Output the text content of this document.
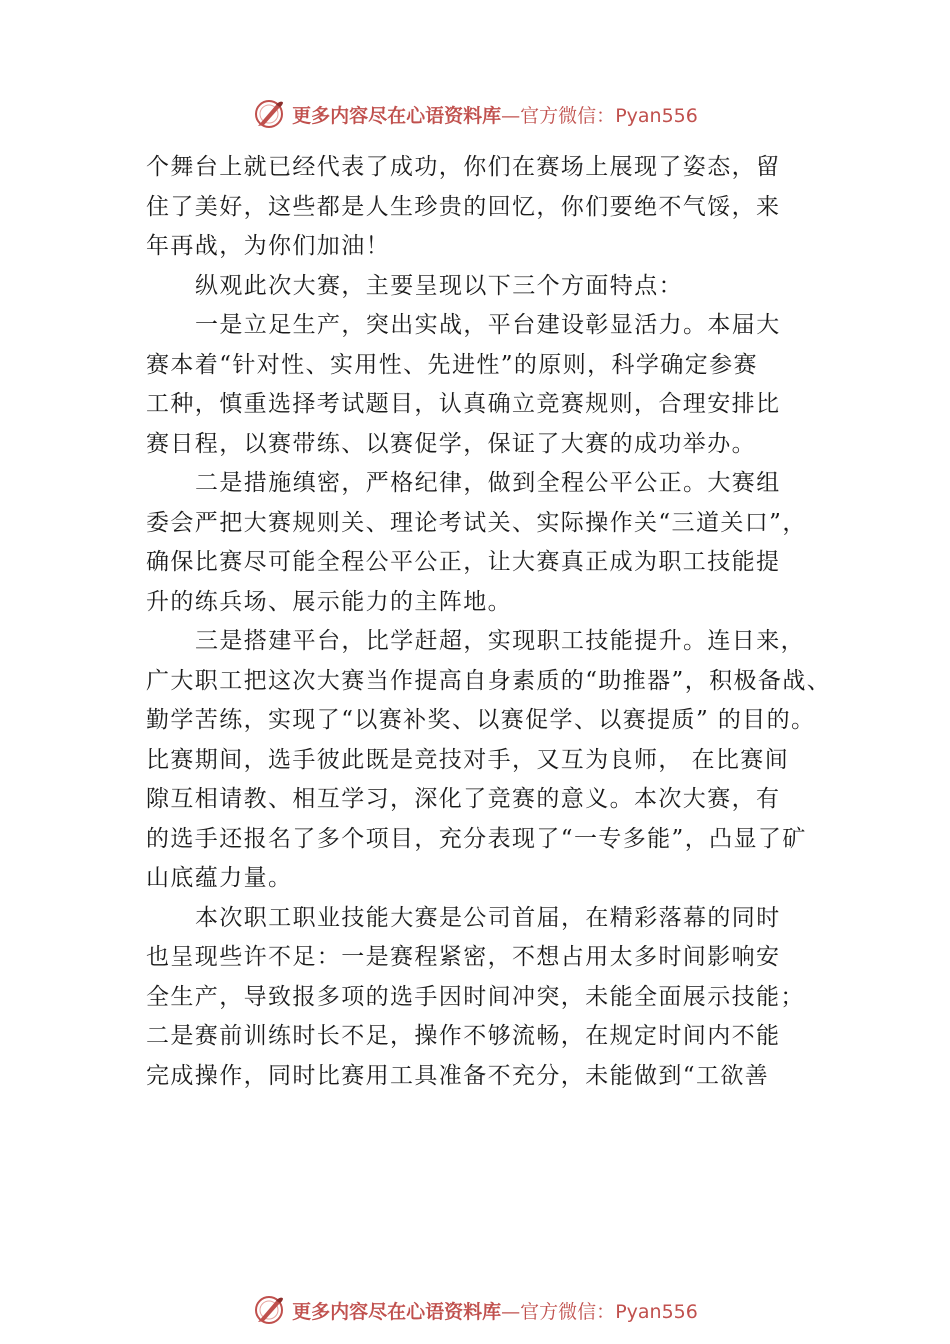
更多内容尽在心语资料库—官方微信：Pyan556
个舞台上就已经代表了成功，你们在赛场上展现了姿态，留
住了美好，这些都是人生珍贵的回忆，你们要绝不气馁，来
年再战，为你们加油！
纵观此次大赛，主要呈现以下三个方面特点：
一是立足生产，突出实战，平台建设彰显活力。本届大
赛本着“针对性、实用性、先进性”的原则，科学确定参赛
工种，慎重选择考试题目，认真确立竞赛规则，合理安排比
赛日程，以赛带练、以赛促学，保证了大赛的成功举办。
二是措施缜密，严格纪律，做到全程公平公正。大赛组
委会严把大赛规则关、理论考试关、实际操作关“三道关口”，
确保比赛尽可能全程公平公正，让大赛真正成为职工技能提
升的练兵场、展示能力的主阵地。
三是搭建平台，比学赶超，实现职工技能提升。连日来，
广大职工把这次大赛当作提高自身素质的“助推器”，积极备战、
勤学苦练，实现了“以赛补奖、以赛促学、以赛提质” 的目的。
比赛期间，选手彼此既是竞技对手，又互为良师， 在比赛间
隙互相请教、相互学习，深化了竞赛的意义。本次大赛，有
的选手还报名了多个项目，充分表现了“一专多能”，凸显了矿
山底蕴力量。
本次职工职业技能大赛是公司首届，在精彩落幕的同时
也呈现些许不足：一是赛程紧密，不想占用太多时间影响安
全生产，导致报多项的选手因时间冲突，未能全面展示技能；
二是赛前训练时长不足，操作不够流畅，在规定时间内不能
完成操作，同时比赛用工具准备不充分，未能做到“工欲善
更多内容尽在心语资料库—官方微信：Pyan556
